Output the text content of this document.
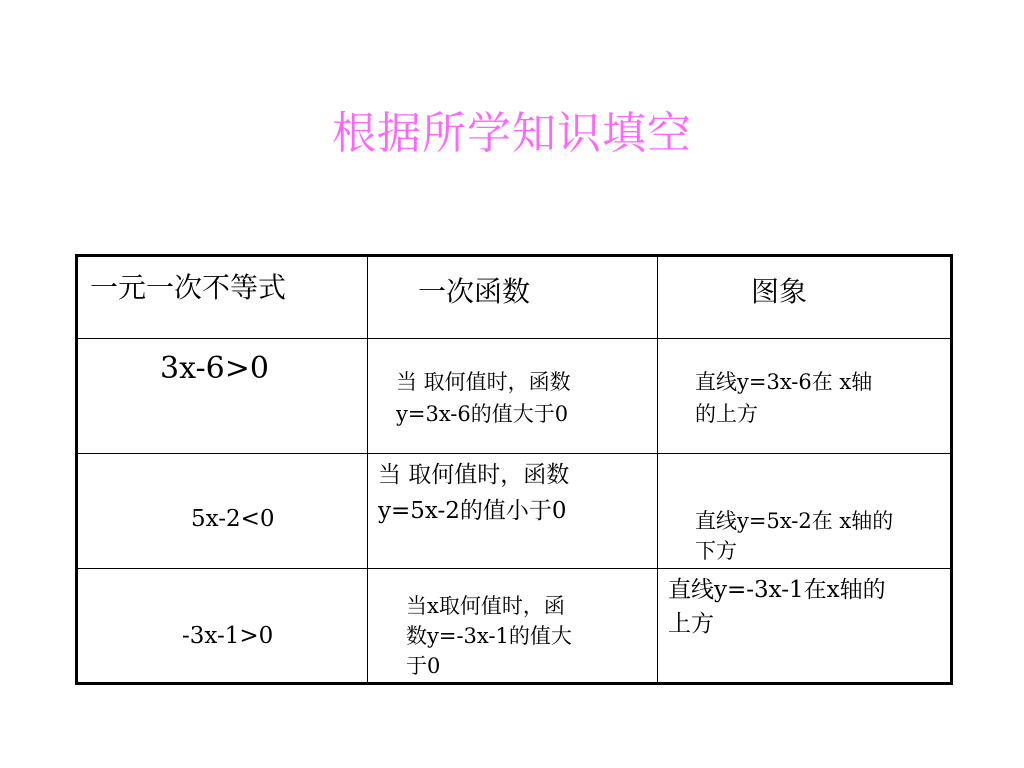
根据所学知识填空
一元一次不等式	一次函数	图象

3x-6>0	当 取何值时，函数
y=3x-6的值大于0	直线y=3x-6在 x轴
的上方

5x-2<0	当 取何值时，函数
y=5x-2的值小于0	直线y=5x-2在 x轴的
下方

-3x-1>0	当x取何值时，函
数y=-3x-1的值大
于0	直线y=-3x-1在x轴的
上方
